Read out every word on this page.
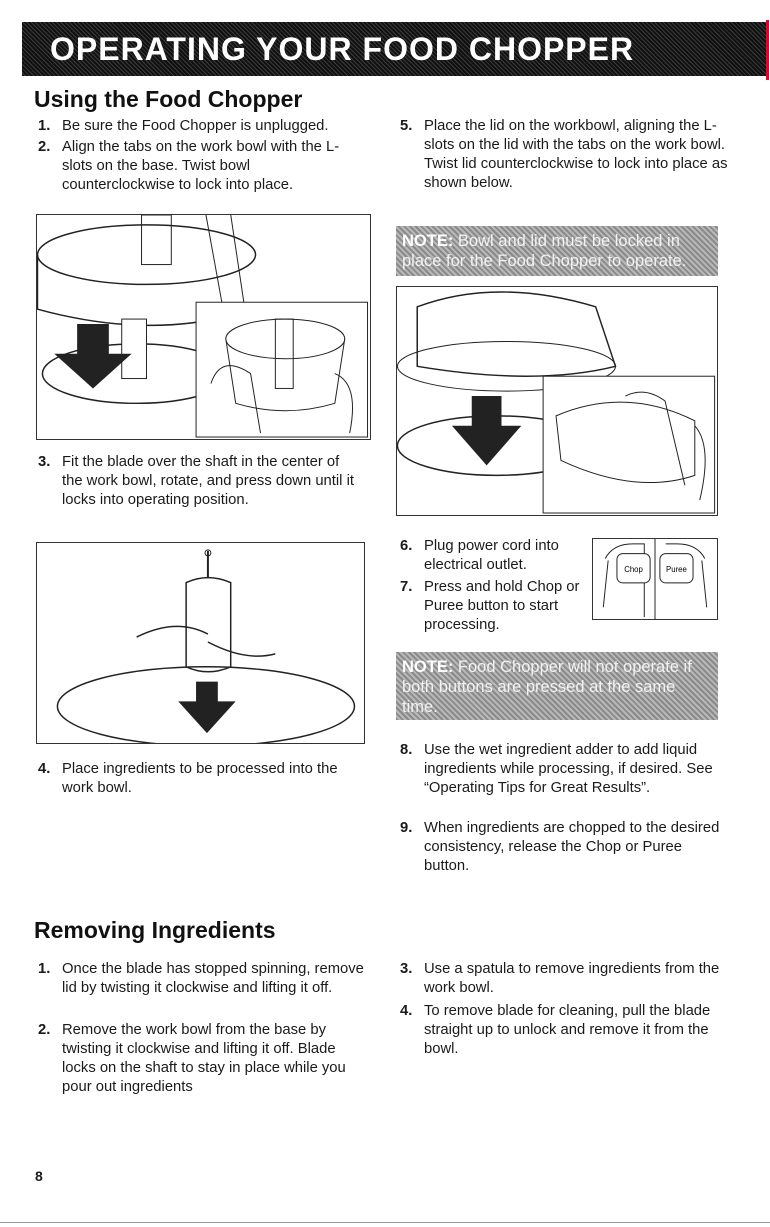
OPERATING YOUR FOOD CHOPPER
Using the Food Chopper
1. Be sure the Food Chopper is unplugged.
2. Align the tabs on the work bowl with the L-slots on the base. Twist bowl counterclockwise to lock into place.
3. Fit the blade over the shaft in the center of the work bowl, rotate, and press down until it locks into operating position.
4. Place ingredients to be processed into the work bowl.
5. Place the lid on the workbowl, aligning the L-slots on the lid with the tabs on the work bowl. Twist lid counterclockwise to lock into place as shown below.
NOTE: Bowl and lid must be locked in place for the Food Chopper to operate.
6. Plug power cord into electrical outlet.
7. Press and hold Chop or Puree button to start processing.
Chop	Puree
NOTE: Food Chopper will not operate if both buttons are pressed at the same time.
8. Use the wet ingredient adder to add liquid ingredients while processing, if desired. See “Operating Tips for Great Results”.
9. When ingredients are chopped to the desired consistency, release the Chop or Puree button.
Removing Ingredients
1. Once the blade has stopped spinning, remove lid by twisting it clockwise and lifting it off.
2. Remove the work bowl from the base by twisting it clockwise and lifting it off. Blade locks on the shaft to stay in place while you pour out ingredients
3. Use a spatula to remove ingredients from the work bowl.
4. To remove blade for cleaning, pull the blade straight up to unlock and remove it from the bowl.
8
